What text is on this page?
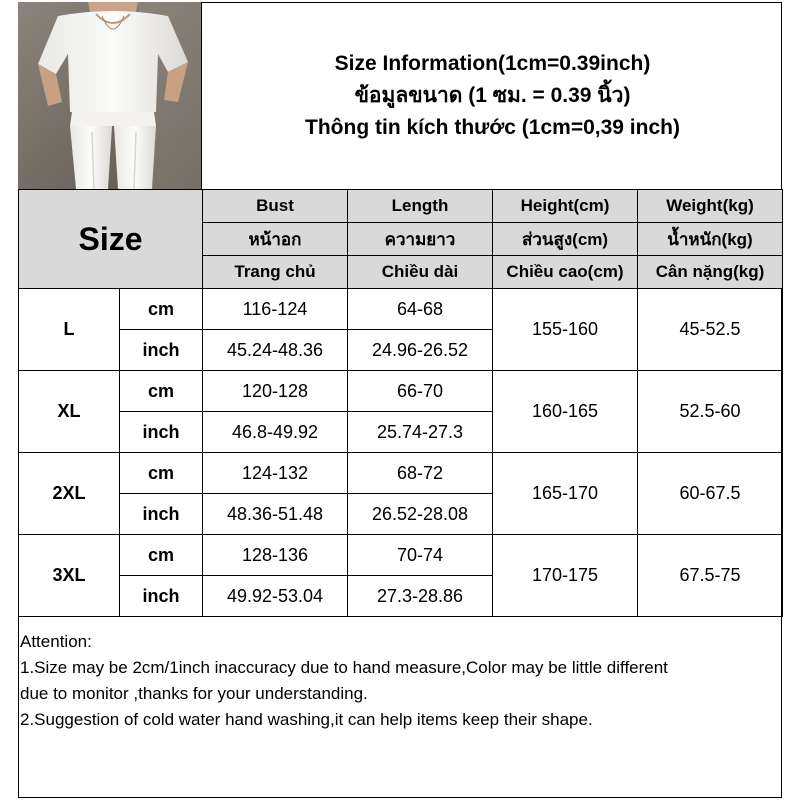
Size Information(1cm=0.39inch)
ข้อมูลขนาด (1 ซม. = 0.39 นิ้ว)
Thông tin kích thước (1cm=0,39 inch)
Size		Bust	Length	Height(cm)	Weight(kg)
		หน้าอก	ความยาว	ส่วนสูง(cm)	น้ำหนัก(kg)
		Trang chủ	Chiều dài	Chiều cao(cm)	Cân nặng(kg)
L	cm	116-124	64-68	155-160	45-52.5
	inch	45.24-48.36	24.96-26.52		
XL	cm	120-128	66-70	160-165	52.5-60
	inch	46.8-49.92	25.74-27.3		
2XL	cm	124-132	68-72	165-170	60-67.5
	inch	48.36-51.48	26.52-28.08		
3XL	cm	128-136	70-74	170-175	67.5-75
	inch	49.92-53.04	27.3-28.86		
Attention:
1.Size may be 2cm/1inch inaccuracy due to hand measure,Color may be little different
due to monitor ,thanks for your understanding.
2.Suggestion of cold water hand washing,it can help items keep their shape.
